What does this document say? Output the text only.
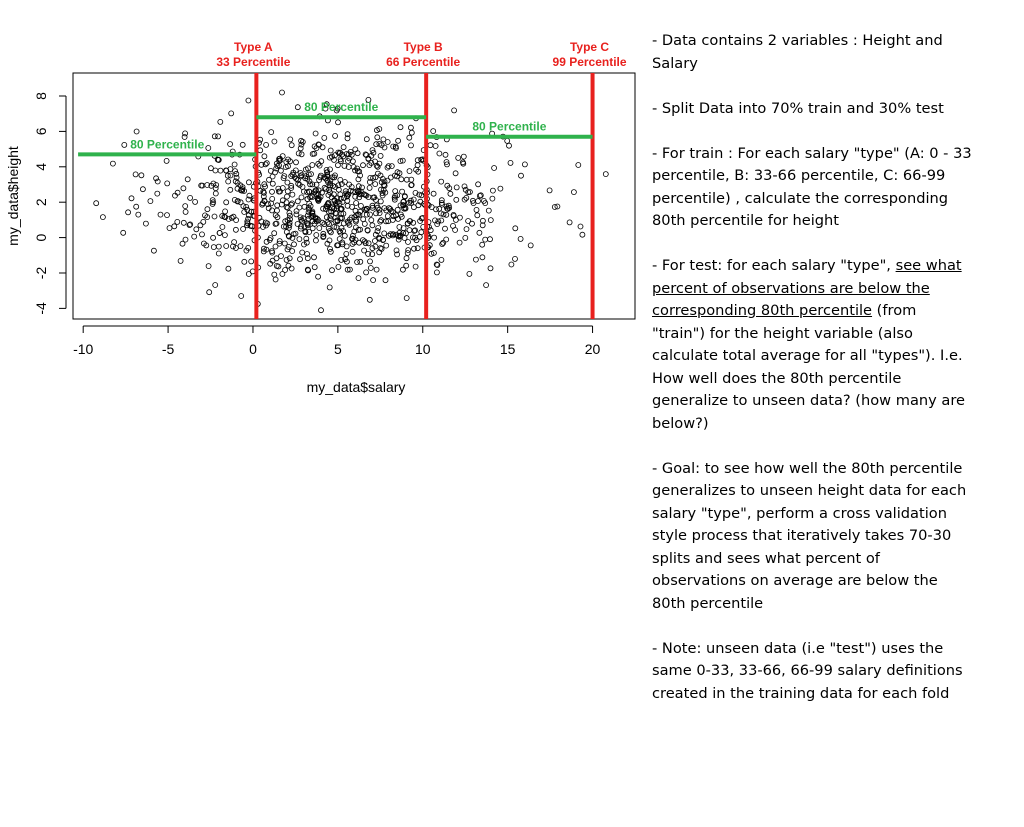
-10	-5	0	5	10	15	20
-4
-2
0
2
4
6
8
Type A
33 Percentile
Type B
66 Percentile
Type C
99 Percentile
80 Percentile
80 Percentile
80 Percentile
my_data$salary
my_data$height

- Data contains 2 variables : Height and Salary

- Split Data into 70% train and 30% test

- For train : For each salary "type" (A: 0 - 33 percentile, B: 33-66 percentile, C: 66-99 percentile) , calculate the corresponding 80th percentile for height

- For test: for each salary "type", see what percent of observations are below the corresponding 80th percentile (from "train") for the height variable (also calculate total average for all "types"). I.e. How well does the 80th percentile generalize to unseen data? (how many are below?)

- Goal: to see how well the 80th percentile generalizes to unseen height data for each salary "type", perform a cross validation style process that iteratively takes 70-30 splits and sees what percent of observations on average are below the 80th percentile

- Note: unseen data (i.e "test") uses the same 0-33, 33-66, 66-99 salary definitions created in the training data for each fold
